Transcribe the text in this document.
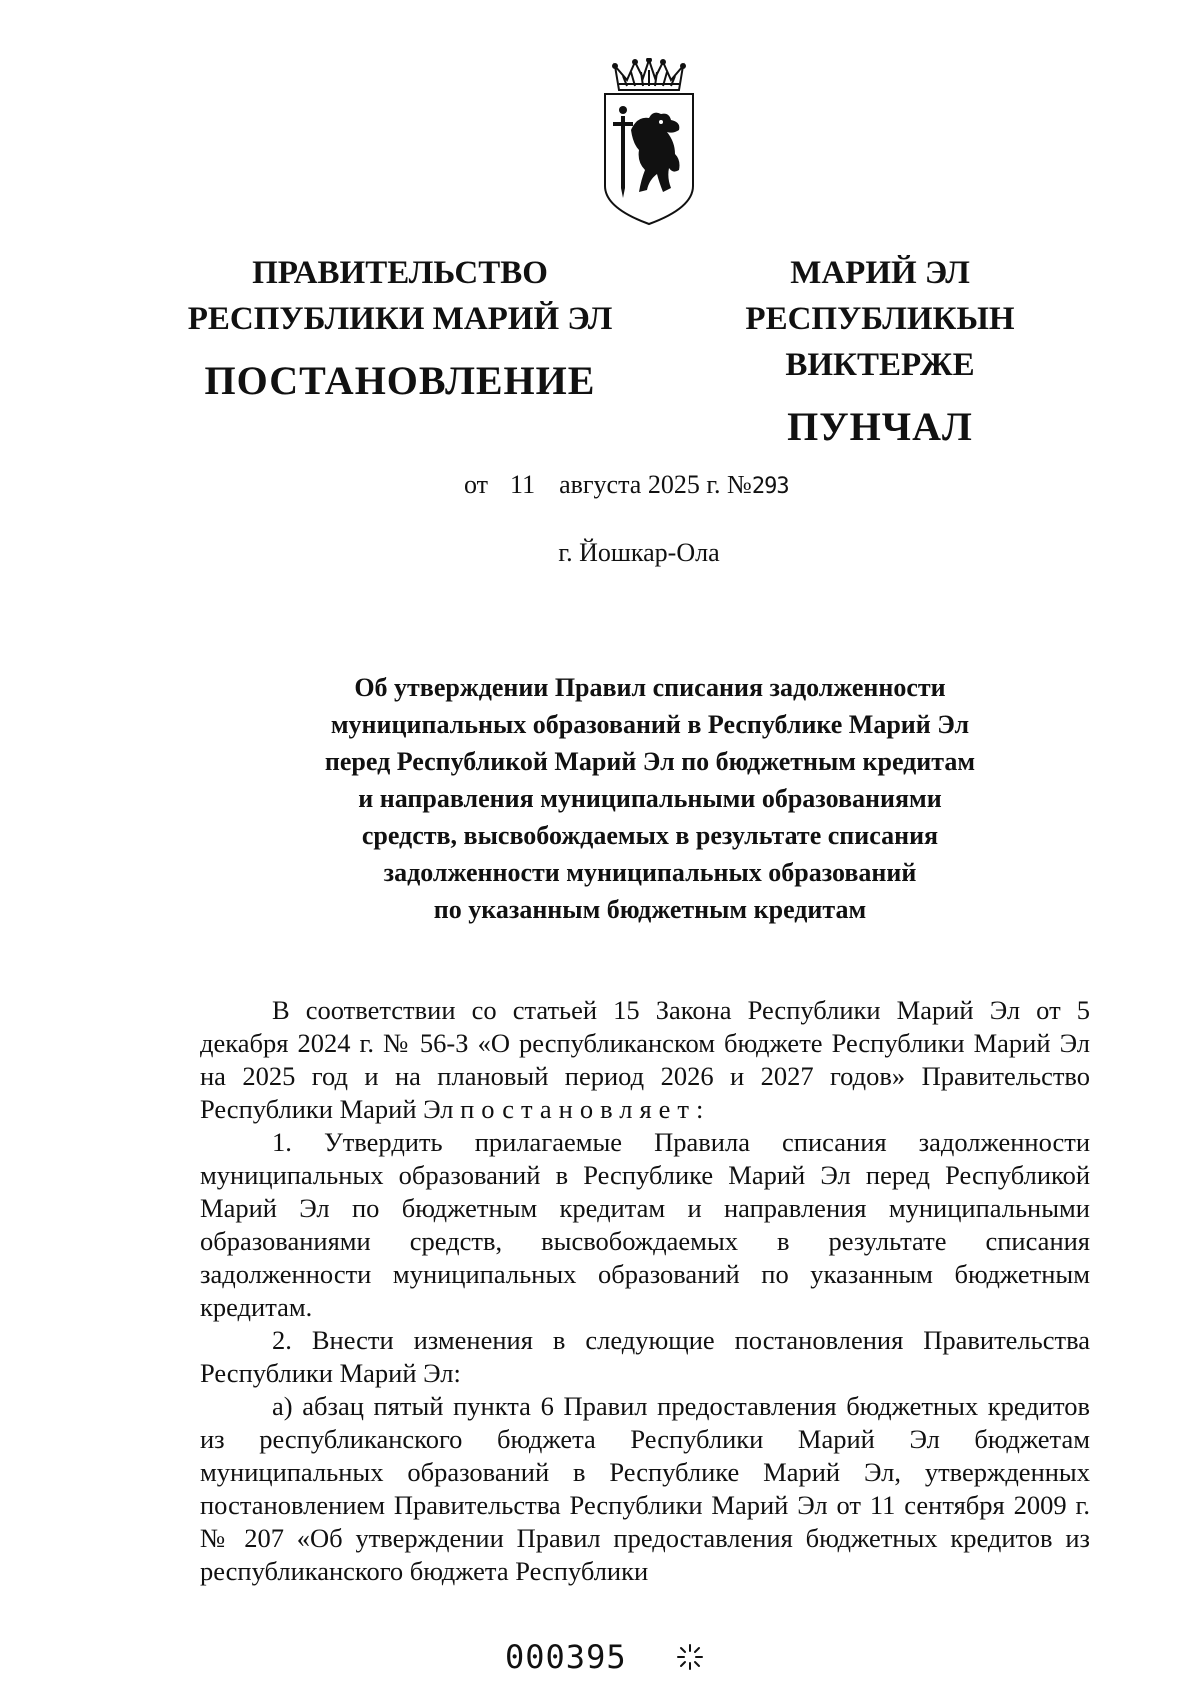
ПРАВИТЕЛЬСТВО
РЕСПУБЛИКИ МАРИЙ ЭЛ
ПОСТАНОВЛЕНИЕ
МАРИЙ ЭЛ РЕСПУБЛИКЫН
ВИКТЕРЖЕ
ПУНЧАЛ
от 11 августа 2025 г. №293
г. Йошкар-Ола
Об утверждении Правил списания задолженности
муниципальных образований в Республике Марий Эл
перед Республикой Марий Эл по бюджетным кредитам
и направления муниципальными образованиями
средств, высвобождаемых в результате списания
задолженности муниципальных образований
по указанным бюджетным кредитам

В соответствии со статьей 15 Закона Республики Марий Эл от 5 декабря 2024 г. № 56-З «О республиканском бюджете Республики Марий Эл на 2025 год и на плановый период 2026 и 2027 годов» Правительство Республики Марий Эл постановляет:

1. Утвердить прилагаемые Правила списания задолженности муниципальных образований в Республике Марий Эл перед Республикой Марий Эл по бюджетным кредитам и направления муниципальными образованиями средств, высвобождаемых в результате списания задолженности муниципальных образований по указанным бюджетным кредитам.

2. Внести изменения в следующие постановления Правительства Республики Марий Эл:

а) абзац пятый пункта 6 Правил предоставления бюджетных кредитов из республиканского бюджета Республики Марий Эл бюджетам муниципальных образований в Республике Марий Эл, утвержденных постановлением Правительства Республики Марий Эл от 11 сентября 2009 г. № 207 «Об утверждении Правил предоставления бюджетных кредитов из республиканского бюджета Республики

000395
